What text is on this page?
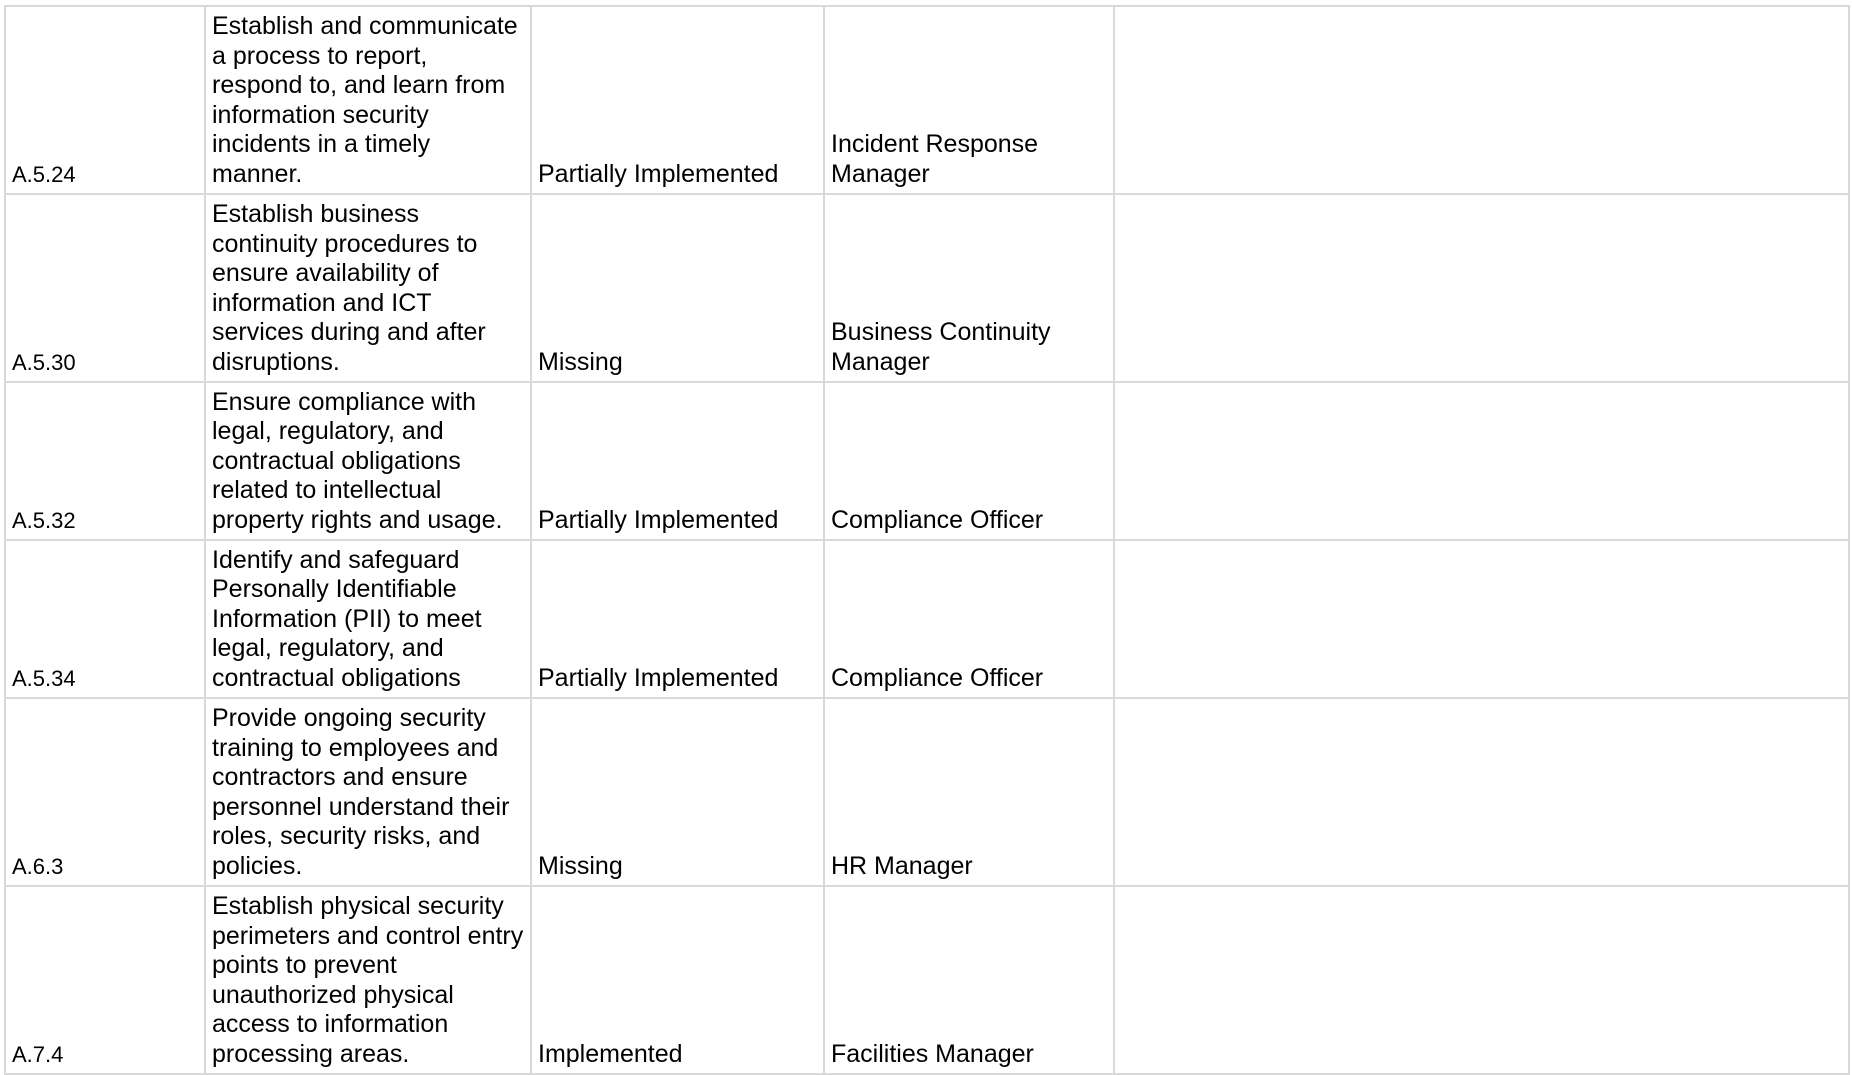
A.5.24	Establish and communicate a process to report, respond to, and learn from information security incidents in a timely manner.	Partially Implemented	Incident Response Manager	
A.5.30	Establish business continuity procedures to ensure availability of information and ICT services during and after disruptions.	Missing	Business Continuity Manager	
A.5.32	Ensure compliance with legal, regulatory, and contractual obligations related to intellectual property rights and usage.	Partially Implemented	Compliance Officer	
A.5.34	Identify and safeguard Personally Identifiable Information (PII) to meet legal, regulatory, and contractual obligations	Partially Implemented	Compliance Officer	
A.6.3	Provide ongoing security training to employees and contractors and ensure personnel understand their roles, security risks, and policies.	Missing	HR Manager	
A.7.4	Establish physical security perimeters and control entry points to prevent unauthorized physical access to information processing areas.	Implemented	Facilities Manager	
